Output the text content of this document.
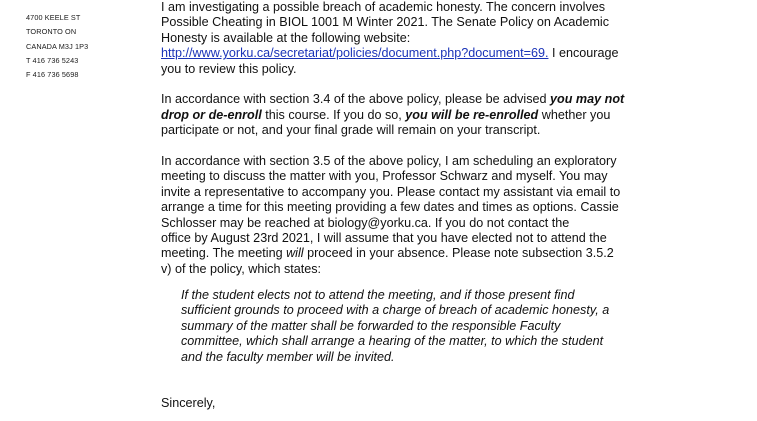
4700 KEELE ST
TORONTO ON
CANADA M3J 1P3
T 416 736 5243
F 416 736 5698

I am investigating a possible breach of academic honesty. The concern involves
Possible Cheating in BIOL 1001 M Winter 2021. The Senate Policy on Academic
Honesty is available at the following website:
http://www.yorku.ca/secretariat/policies/document.php?document=69. I encourage
you to review this policy.

In accordance with section 3.4 of the above policy, please be advised you may not
drop or de-enroll this course. If you do so, you will be re-enrolled whether you
participate or not, and your final grade will remain on your transcript.

In accordance with section 3.5 of the above policy, I am scheduling an exploratory
meeting to discuss the matter with you, Professor Schwarz and myself. You may
invite a representative to accompany you. Please contact my assistant via email to
arrange a time for this meeting providing a few dates and times as options. Cassie
Schlosser may be reached at biology@yorku.ca. If you do not contact the
office by August 23rd 2021, I will assume that you have elected not to attend the
meeting. The meeting will proceed in your absence. Please note subsection 3.5.2
v) of the policy, which states:

If the student elects not to attend the meeting, and if those present find
sufficient grounds to proceed with a charge of breach of academic honesty, a
summary of the matter shall be forwarded to the responsible Faculty
committee, which shall arrange a hearing of the matter, to which the student
and the faculty member will be invited.
Sincerely,
